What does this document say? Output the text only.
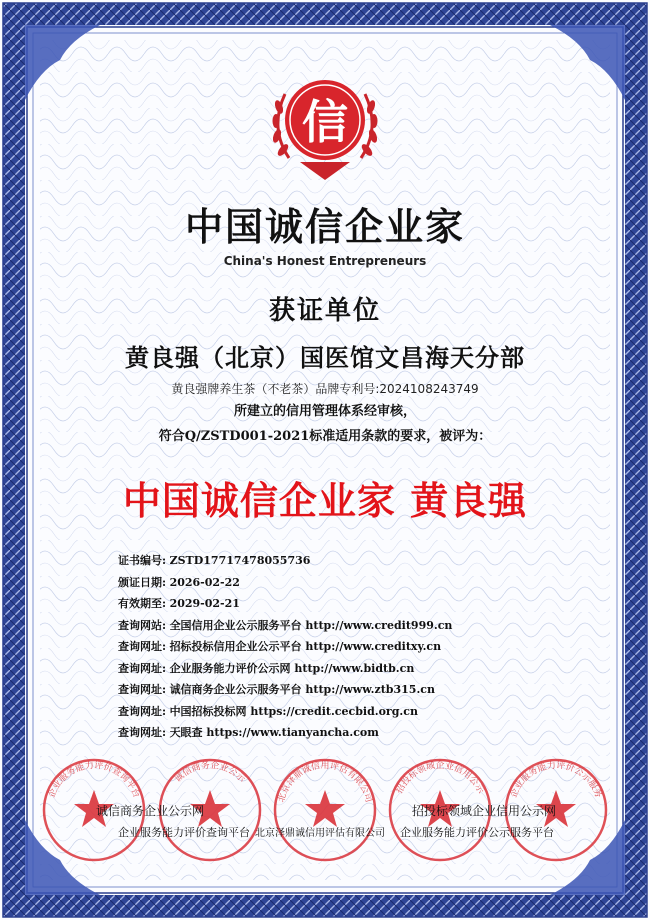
信
中国诚信企业家
China's Honest Entrepreneurs
获证单位
黄良强（北京）国医馆文昌海天分部
黄良强牌养生茶（不老茶）品牌专利号:2024108243749
所建立的信用管理体系经审核，
符合Q/ZSTD001-2021标准适用条款的要求，被评为：
中国诚信企业家 黄良强
证书编号: ZSTD17717478055736
颁证日期: 2026-02-22
有效期至: 2029-02-21
查询网站: 全国信用企业公示服务平台 http://www.credit999.cn
查询网址: 招标投标信用企业公示平台 http://www.creditxy.cn
查询网址: 企业服务能力评价公示网 http://www.bidtb.cn
查询网址: 诚信商务企业公示服务平台 http://www.ztb315.cn
查询网址: 中国招标投标网 https://credit.cecbid.org.cn
查询网址: 天眼查 https://www.tianyancha.com
企业服务能力评价查询平台
诚信商务企业公示
北京泽鼎诚信用评估有限公司
招投标领域企业信用公示	企业服务能力评价公示服务
诚信商务企业公示网
企业服务能力评价查询平台 北京泽鼎诚信用评估有限公司
招投标领域企业信用公示网
企业服务能力评价公示服务平台
